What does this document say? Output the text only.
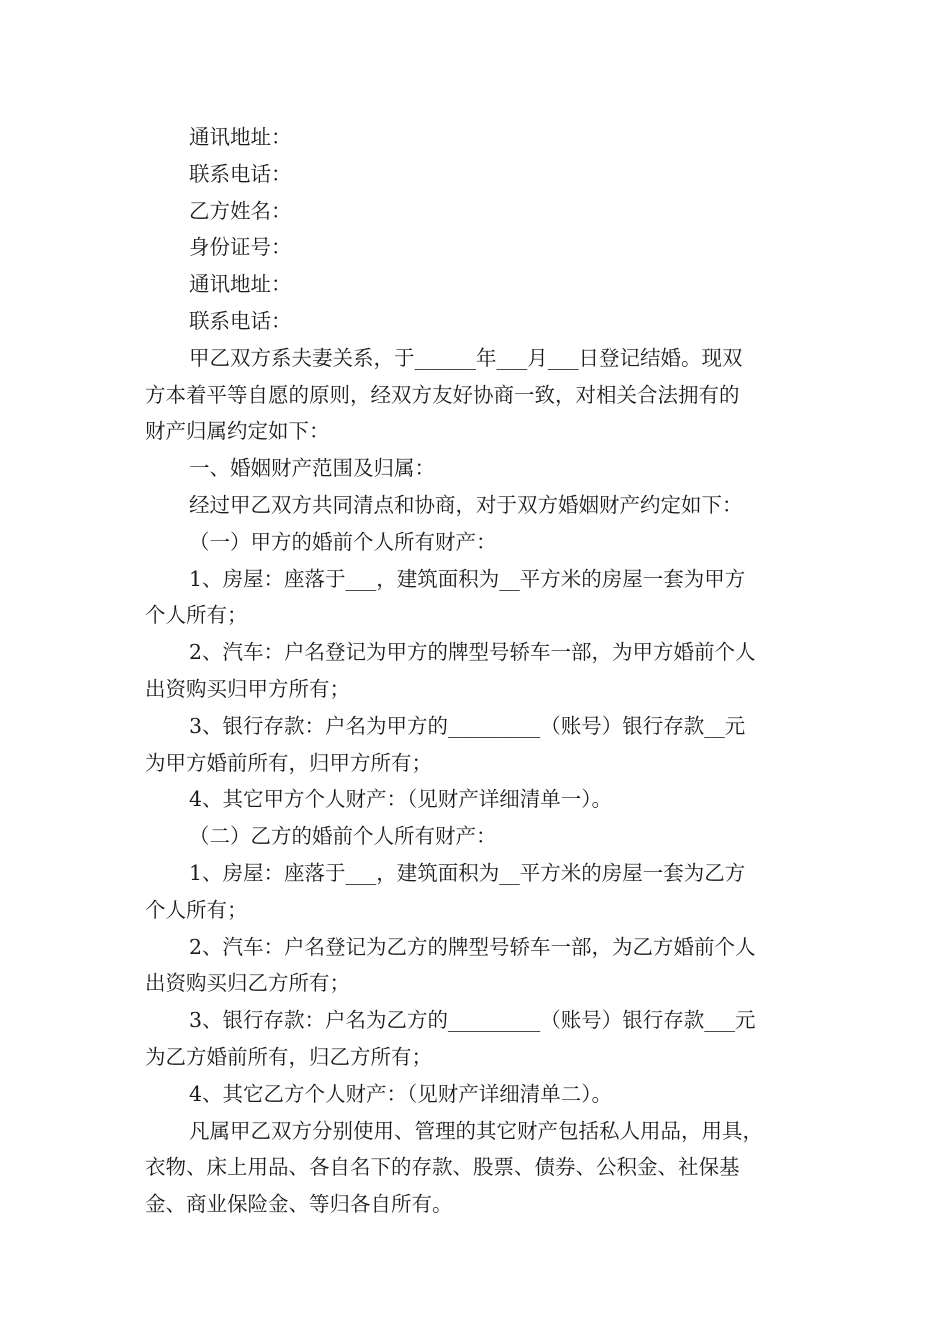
通讯地址：
联系电话：
乙方姓名：
身份证号：
通讯地址：
联系电话：
甲乙双方系夫妻关系，于______年___月___日登记结婚。现双
方本着平等自愿的原则，经双方友好协商一致，对相关合法拥有的
财产归属约定如下：
一、婚姻财产范围及归属：
经过甲乙双方共同清点和协商，对于双方婚姻财产约定如下：
（一）甲方的婚前个人所有财产：
1、房屋：座落于___，建筑面积为__平方米的房屋一套为甲方
个人所有；
2、汽车：户名登记为甲方的牌型号轿车一部，为甲方婚前个人
出资购买归甲方所有；
3、银行存款：户名为甲方的_________（账号）银行存款__元
为甲方婚前所有，归甲方所有；
4、其它甲方个人财产：（见财产详细清单一）。
（二）乙方的婚前个人所有财产：
1、房屋：座落于___，建筑面积为__平方米的房屋一套为乙方
个人所有；
2、汽车：户名登记为乙方的牌型号轿车一部，为乙方婚前个人
出资购买归乙方所有；
3、银行存款：户名为乙方的_________（账号）银行存款___元
为乙方婚前所有，归乙方所有；
4、其它乙方个人财产：（见财产详细清单二）。
凡属甲乙双方分别使用、管理的其它财产包括私人用品，用具，
衣物、床上用品、各自名下的存款、股票、债券、公积金、社保基
金、商业保险金、等归各自所有。
